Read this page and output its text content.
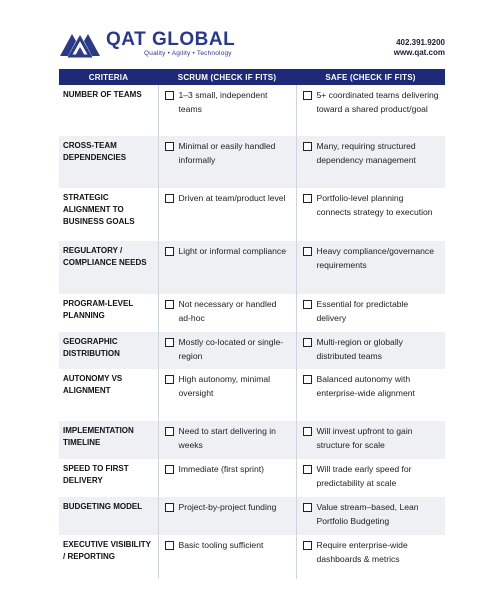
QAT GLOBAL
Quality • Agility • Technology
402.391.9200
www.qat.com
CRITERIA	SCRUM (CHECK IF FITS)	SAFE (CHECK IF FITS)
NUMBER OF TEAMS	1–3 small, independent teams	5+ coordinated teams delivering toward a shared product/goal

CROSS-TEAM DEPENDENCIES	Minimal or easily handled informally	Many, requiring structured dependency management

STRATEGIC ALIGNMENT TO BUSINESS GOALS	Driven at team/product level	Portfolio-level planning connects strategy to execution

REGULATORY / COMPLIANCE NEEDS	Light or informal compliance	Heavy compliance/governance requirements

PROGRAM-LEVEL PLANNING	Not necessary or handled ad-hoc	Essential for predictable delivery

GEOGRAPHIC DISTRIBUTION	Mostly co-located or single-region	Multi-region or globally distributed teams

AUTONOMY VS ALIGNMENT	High autonomy, minimal oversight	Balanced autonomy with enterprise-wide alignment

IMPLEMENTATION TIMELINE	Need to start delivering in weeks	Will invest upfront to gain structure for scale

SPEED TO FIRST DELIVERY	Immediate (first sprint)	Will trade early speed for predictability at scale

BUDGETING MODEL	Project-by-project funding	Value stream–based, Lean Portfolio Budgeting

EXECUTIVE VISIBILITY / REPORTING	Basic tooling sufficient	Require enterprise-wide dashboards & metrics
